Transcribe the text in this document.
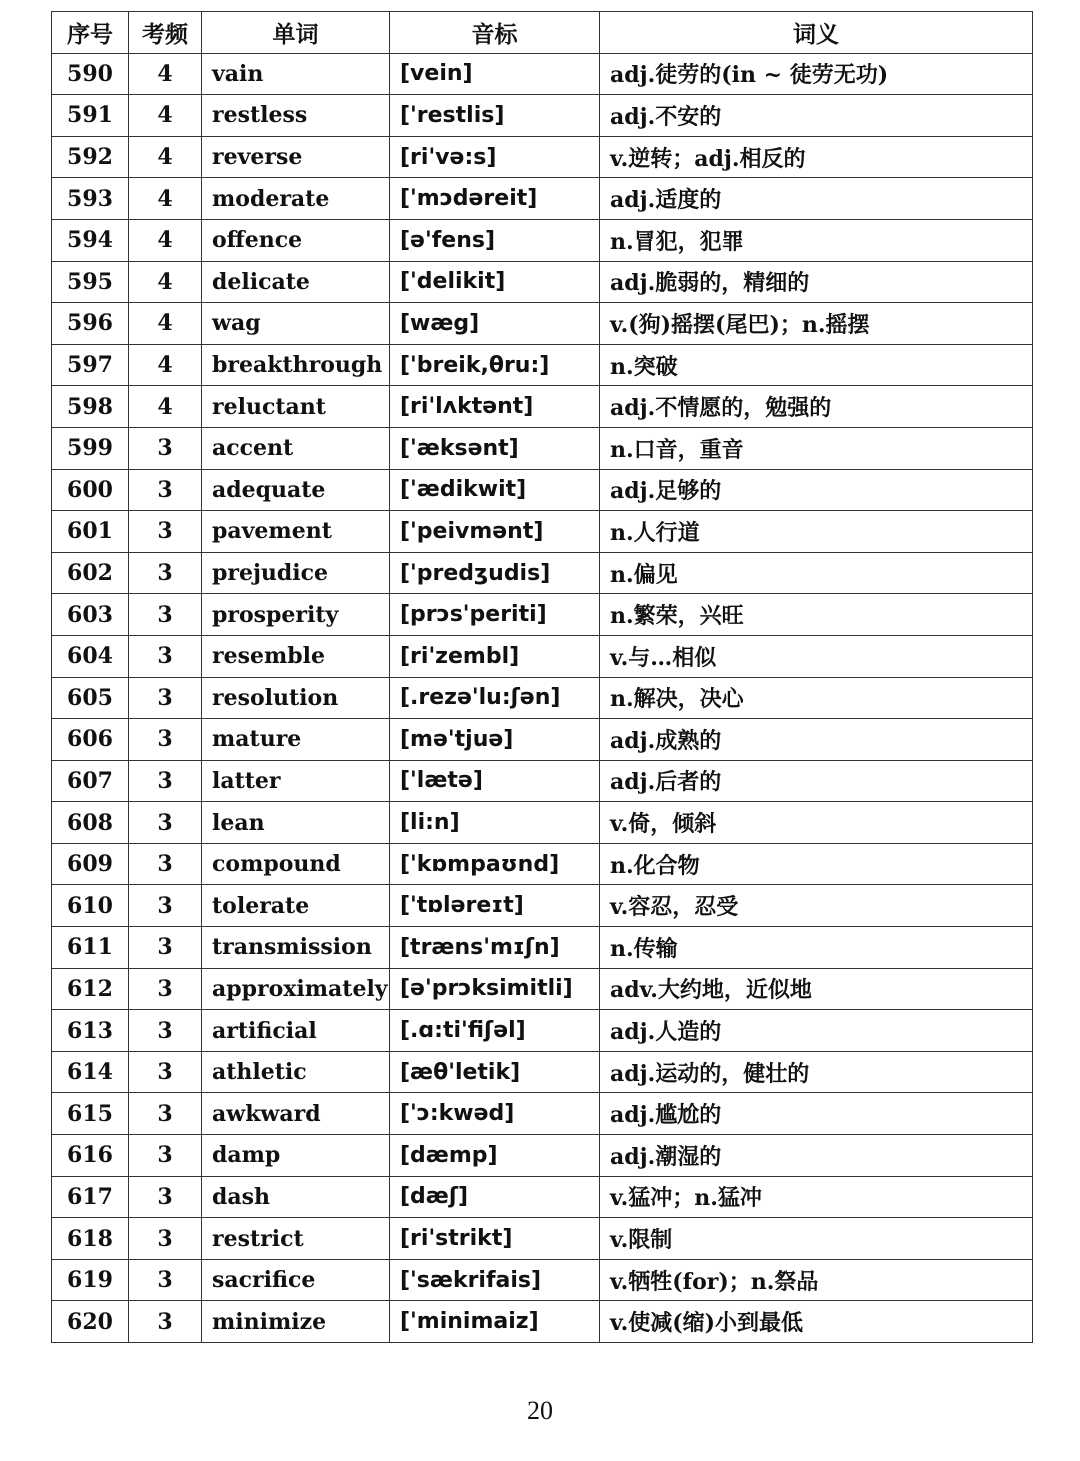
序号	考频	单词	音标	词义
590	4	vain	[vein]	adj.徒劳的(in ~ 徒劳无功)
591	4	restless	['restlis]	adj.不安的
592	4	reverse	[ri'və:s]	v.逆转；adj.相反的
593	4	moderate	['mɔdəreit]	adj.适度的
594	4	offence	[ə'fens]	n.冒犯，犯罪
595	4	delicate	['delikit]	adj.脆弱的，精细的
596	4	wag	[wæg]	v.(狗)摇摆(尾巴)；n.摇摆
597	4	breakthrough	['breik,θru:]	n.突破
598	4	reluctant	[ri'lʌktənt]	adj.不情愿的，勉强的
599	3	accent	['æksənt]	n.口音，重音
600	3	adequate	['ædikwit]	adj.足够的
601	3	pavement	['peivmənt]	n.人行道
602	3	prejudice	['predʒudis]	n.偏见
603	3	prosperity	[prɔs'periti]	n.繁荣，兴旺
604	3	resemble	[ri'zembl]	v.与…相似
605	3	resolution	[.rezə'lu:ʃən]	n.解决，决心
606	3	mature	[mə'tjuə]	adj.成熟的
607	3	latter	['lætə]	adj.后者的
608	3	lean	[li:n]	v.倚，倾斜
609	3	compound	['kɒmpaʊnd]	n.化合物
610	3	tolerate	['tɒləreɪt]	v.容忍，忍受
611	3	transmission	[træns'mɪʃn]	n.传输
612	3	approximately	[ə'prɔksimitli]	adv.大约地，近似地
613	3	artificial	[.ɑ:ti'fiʃəl]	adj.人造的
614	3	athletic	[æθ'letik]	adj.运动的，健壮的
615	3	awkward	['ɔ:kwəd]	adj.尴尬的
616	3	damp	[dæmp]	adj.潮湿的
617	3	dash	[dæʃ]	v.猛冲；n.猛冲
618	3	restrict	[ri'strikt]	v.限制
619	3	sacrifice	['sækrifais]	v.牺牲(for)；n.祭品
620	3	minimize	['minimaiz]	v.使减(缩)小到最低
20
